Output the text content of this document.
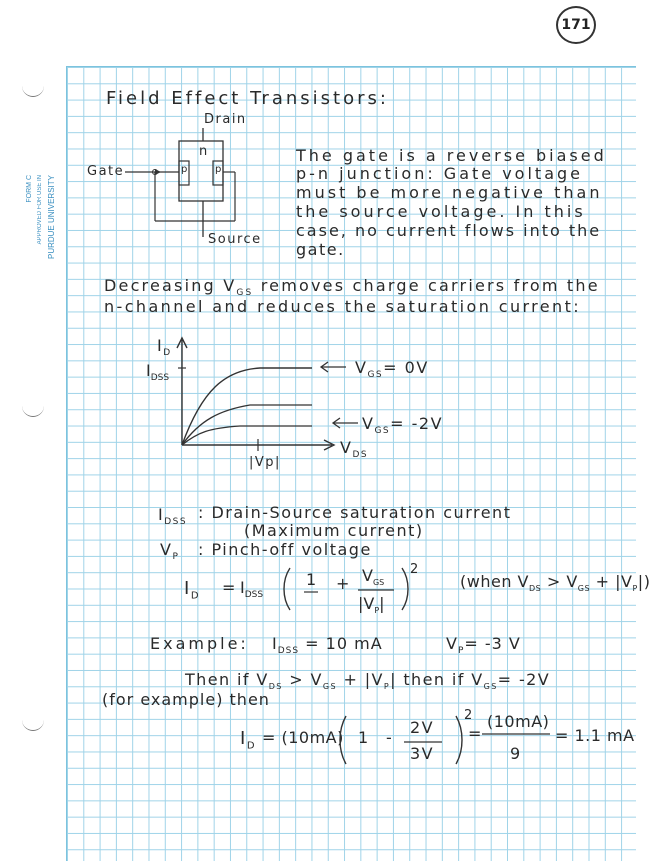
171
FORM C APPROVED FOR USE IN PURDUE UNIVERSITY
Field Effect Transistors:
Drain
Gate
Source
n
p	p
The gate is a reverse biased
p-n junction: Gate voltage
must be more negative than
the source voltage. In this
case, no current flows into the
gate.
Decreasing $V_{GS}$ removes charge carriers from the
n-channel and reduces the saturation current:
$I_D$
$I_{DSS}$
$V_{GS}= 0V$
$V_{GS}= -2V$
$V_{DS}$
|Vp|
$I_{DSS}$
: Drain-Source saturation current
(Maximum current)
$V_P$ : Pinch-off voltage
$I_D = I_{DSS}$
$1 + V_{GS}$
$|V_P|$
2
(when $V_{DS} > V_{GS} + |V_P|$)
Example: $I_{DSS} = 10$ mA	$V_P= -3$ V
Then if $V_{DS} > V_{GS} + |V_P|$ then if $V_{GS}= -2V$
(for example) then
$I_D = (10mA)$ 1 -
2V
3V
2
=
(10mA)
9
= 1.1 mA
